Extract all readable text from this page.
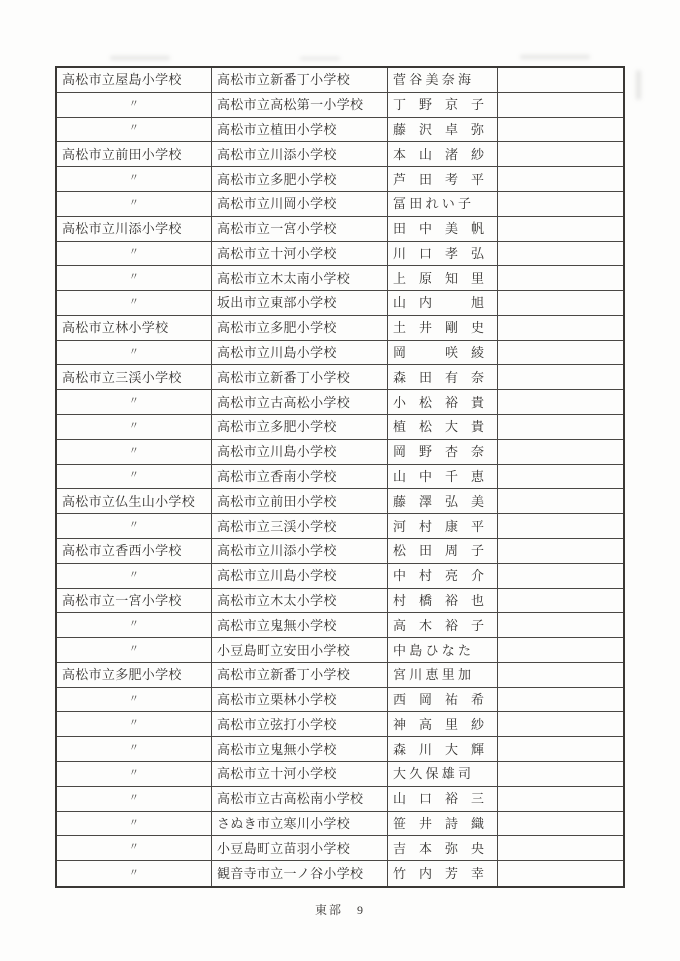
高松市立屋島小学校	高松市立新番丁小学校	菅 谷 美 奈 海
〃	高松市立高松第一小学校	丁　野　京　子
〃	高松市立植田小学校	藤　沢　卓　弥
高松市立前田小学校	高松市立川添小学校	本　山　渚　紗
〃	高松市立多肥小学校	芦　田　考　平
〃	高松市立川岡小学校	冨 田 れ い 子
高松市立川添小学校	高松市立一宮小学校	田　中　美　帆
〃	高松市立十河小学校	川　口　孝　弘
〃	高松市立木太南小学校	上　原　知　里
〃	坂出市立東部小学校	山　内　　　旭
高松市立林小学校	高松市立多肥小学校	土　井　剛　史
〃	高松市立川島小学校	岡　　　咲　綾
高松市立三渓小学校	高松市立新番丁小学校	森　田　有　奈
〃	高松市立古高松小学校	小　松　裕　貴
〃	高松市立多肥小学校	植　松　大　貴
〃	高松市立川島小学校	岡　野　杏　奈
〃	高松市立香南小学校	山　中　千　恵
高松市立仏生山小学校	高松市立前田小学校	藤　澤　弘　美
〃	高松市立三渓小学校	河　村　康　平
高松市立香西小学校	高松市立川添小学校	松　田　周　子
〃	高松市立川島小学校	中　村　亮　介
高松市立一宮小学校	高松市立木太小学校	村　橋　裕　也
〃	高松市立鬼無小学校	高　木　裕　子
〃	小豆島町立安田小学校	中 島 ひ な た
高松市立多肥小学校	高松市立新番丁小学校	宮 川 恵 里 加
〃	高松市立栗林小学校	西　岡　祐　希
〃	高松市立弦打小学校	神　高　里　紗
〃	高松市立鬼無小学校	森　川　大　輝
〃	高松市立十河小学校	大 久 保 雄 司
〃	高松市立古高松南小学校	山　口　裕　三
〃	さぬき市立寒川小学校	笹　井　詩　織
〃	小豆島町立苗羽小学校	吉　本　弥　央
〃	観音寺市立一ノ谷小学校	竹　内　芳　幸
東部　9
